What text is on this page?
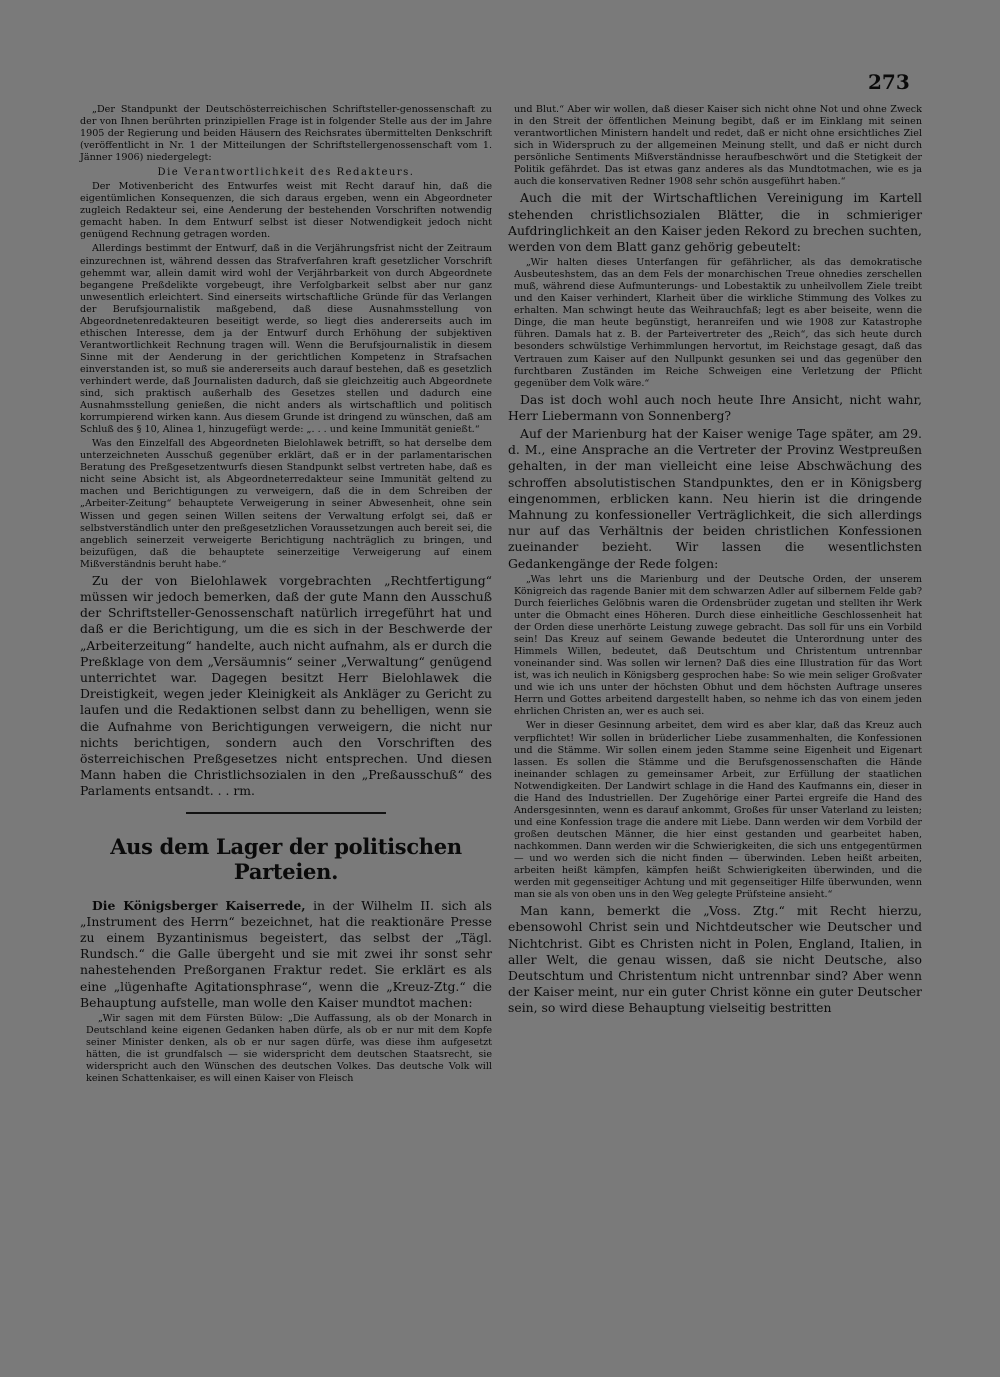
273

„Der Standpunkt der Deutschösterreichischen Schriftsteller-genossenschaft zu der von Ihnen berührten prinzipiellen Frage ist in folgender Stelle aus der im Jahre 1905 der Regierung und beiden Häusern des Reichsrates übermittelten Denkschrift (veröffentlicht in Nr. 1 der Mitteilungen der Schriftstellergenossenschaft vom 1. Jänner 1906) niedergelegt:

Die Verantwortlichkeit des Redakteurs.

Der Motivenbericht des Entwurfes weist mit Recht darauf hin, daß die eigentümlichen Konsequenzen, die sich daraus ergeben, wenn ein Abgeordneter zugleich Redakteur sei, eine Aenderung der bestehenden Vorschriften notwendig gemacht haben. In dem Entwurf selbst ist dieser Notwendigkeit jedoch nicht genügend Rechnung getragen worden.

Allerdings bestimmt der Entwurf, daß in die Verjährungsfrist nicht der Zeitraum einzurechnen ist, während dessen das Strafverfahren kraft gesetzlicher Vorschrift gehemmt war, allein damit wird wohl der Verjährbarkeit von durch Abgeordnete begangene Preßdelikte vorgebeugt, ihre Verfolgbarkeit selbst aber nur ganz unwesentlich erleichtert. Sind einerseits wirtschaftliche Gründe für das Verlangen der Berufsjournalistik maßgebend, daß diese Ausnahmsstellung von Abgeordnetenredakteuren beseitigt werde, so liegt dies andererseits auch im ethischen Interesse, dem ja der Entwurf durch Erhöhung der subjektiven Verantwortlichkeit Rechnung tragen will. Wenn die Berufsjournalistik in diesem Sinne mit der Aenderung in der gerichtlichen Kompetenz in Strafsachen einverstanden ist, so muß sie andererseits auch darauf bestehen, daß es gesetzlich verhindert werde, daß Journalisten dadurch, daß sie gleichzeitig auch Abgeordnete sind, sich praktisch außerhalb des Gesetzes stellen und dadurch eine Ausnahmsstellung genießen, die nicht anders als wirtschaftlich und politisch korrumpierend wirken kann. Aus diesem Grunde ist dringend zu wünschen, daß am Schluß des § 10, Alinea 1, hinzugefügt werde: „. . . und keine Immunität genießt.“

Was den Einzelfall des Abgeordneten Bielohlawek betrifft, so hat derselbe dem unterzeichneten Ausschuß gegenüber erklärt, daß er in der parlamentarischen Beratung des Preßgesetzentwurfs diesen Standpunkt selbst vertreten habe, daß es nicht seine Absicht ist, als Abgeordneterredakteur seine Immunität geltend zu machen und Berichtigungen zu verweigern, daß die in dem Schreiben der „Arbeiter-Zeitung“ behauptete Verweigerung in seiner Abwesenheit, ohne sein Wissen und gegen seinen Willen seitens der Verwaltung erfolgt sei, daß er selbstverständlich unter den preßgesetzlichen Voraussetzungen auch bereit sei, die angeblich seinerzeit verweigerte Berichtigung nachträglich zu bringen, und beizufügen, daß die behauptete seinerzeitige Verweigerung auf einem Mißverständnis beruht habe.“

Zu der von Bielohlawek vorgebrachten „Rechtfertigung“ müssen wir jedoch bemerken, daß der gute Mann den Ausschuß der Schriftsteller-Genossenschaft natürlich irregeführt hat und daß er die Berichtigung, um die es sich in der Beschwerde der „Arbeiterzeitung“ handelte, auch nicht aufnahm, als er durch die Preßklage von dem „Versäumnis“ seiner „Verwaltung“ genügend unterrichtet war. Dagegen besitzt Herr Bielohlawek die Dreistigkeit, wegen jeder Kleinigkeit als Ankläger zu Gericht zu laufen und die Redaktionen selbst dann zu behelligen, wenn sie die Aufnahme von Berichtigungen verweigern, die nicht nur nichts berichtigen, sondern auch den Vorschriften des österreichischen Preßgesetzes nicht entsprechen. Und diesen Mann haben die Christlichsozialen in den „Preßausschuß“ des Parlaments entsandt. . . rm.

Aus dem Lager der politischen Parteien.

Die Königsberger Kaiserrede, in der Wilhelm II. sich als „Instrument des Herrn“ bezeichnet, hat die reaktionäre Presse zu einem Byzantinismus begeistert, das selbst der „Tägl. Rundsch.“ die Galle übergeht und sie mit zwei ihr sonst sehr nahestehenden Preßorganen Fraktur redet. Sie erklärt es als eine „lügenhafte Agitationsphrase“, wenn die „Kreuz-Ztg.“ die Behauptung aufstelle, man wolle den Kaiser mundtot machen:

„Wir sagen mit dem Fürsten Bülow: „Die Auffassung, als ob der Monarch in Deutschland keine eigenen Gedanken haben dürfe, als ob er nur mit dem Kopfe seiner Minister denken, als ob er nur sagen dürfe, was diese ihm aufgesetzt hätten, die ist grundfalsch — sie widerspricht dem deutschen Staatsrecht, sie widerspricht auch den Wünschen des deutschen Volkes. Das deutsche Volk will keinen Schattenkaiser, es will einen Kaiser von Fleisch

und Blut.“ Aber wir wollen, daß dieser Kaiser sich nicht ohne Not und ohne Zweck in den Streit der öffentlichen Meinung begibt, daß er im Einklang mit seinen verantwortlichen Ministern handelt und redet, daß er nicht ohne ersichtliches Ziel sich in Widerspruch zu der allgemeinen Meinung stellt, und daß er nicht durch persönliche Sentiments Mißverständnisse heraufbeschwört und die Stetigkeit der Politik gefährdet. Das ist etwas ganz anderes als das Mundtotmachen, wie es ja auch die konservativen Redner 1908 sehr schön ausgeführt haben.“

Auch die mit der Wirtschaftlichen Vereinigung im Kartell stehenden christlichsozialen Blätter, die in schmieriger Aufdringlichkeit an den Kaiser jeden Rekord zu brechen suchten, werden von dem Blatt ganz gehörig gebeutelt:

„Wir halten dieses Unterfangen für gefährlicher, als das demokratische Ausbeuteshstem, das an dem Fels der monarchischen Treue ohnedies zerschellen muß, während diese Aufmunterungs- und Lobestaktik zu unheilvollem Ziele treibt und den Kaiser verhindert, Klarheit über die wirkliche Stimmung des Volkes zu erhalten. Man schwingt heute das Weihrauchfaß; legt es aber beiseite, wenn die Dinge, die man heute begünstigt, heranreifen und wie 1908 zur Katastrophe führen. Damals hat z. B. der Parteivertreter des „Reich“, das sich heute durch besonders schwülstige Verhimmlungen hervortut, im Reichstage gesagt, daß das Vertrauen zum Kaiser auf den Nullpunkt gesunken sei und das gegenüber den furchtbaren Zuständen im Reiche Schweigen eine Verletzung der Pflicht gegenüber dem Volk wäre.“

Das ist doch wohl auch noch heute Ihre Ansicht, nicht wahr, Herr Liebermann von Sonnenberg?

Auf der Marienburg hat der Kaiser wenige Tage später, am 29. d. M., eine Ansprache an die Vertreter der Provinz Westpreußen gehalten, in der man vielleicht eine leise Abschwächung des schroffen absolutistischen Standpunktes, den er in Königsberg eingenommen, erblicken kann. Neu hierin ist die dringende Mahnung zu konfessioneller Verträglichkeit, die sich allerdings nur auf das Verhältnis der beiden christlichen Konfessionen zueinander bezieht. Wir lassen die wesentlichsten Gedankengänge der Rede folgen:

„Was lehrt uns die Marienburg und der Deutsche Orden, der unserem Königreich das ragende Banier mit dem schwarzen Adler auf silbernem Felde gab? Durch feierliches Gelöbnis waren die Ordensbrüder zugetan und stellten ihr Werk unter die Obmacht eines Höheren. Durch diese einheitliche Geschlossenheit hat der Orden diese unerhörte Leistung zuwege gebracht. Das soll für uns ein Vorbild sein! Das Kreuz auf seinem Gewande bedeutet die Unterordnung unter des Himmels Willen, bedeutet, daß Deutschtum und Christentum untrennbar voneinander sind. Was sollen wir lernen? Daß dies eine Illustration für das Wort ist, was ich neulich in Königsberg gesprochen habe: So wie mein seliger Großvater und wie ich uns unter der höchsten Obhut und dem höchsten Auftrage unseres Herrn und Gottes arbeitend dargestellt haben, so nehme ich das von einem jeden ehrlichen Christen an, wer es auch sei.

Wer in dieser Gesinnung arbeitet, dem wird es aber klar, daß das Kreuz auch verpflichtet! Wir sollen in brüderlicher Liebe zusammenhalten, die Konfessionen und die Stämme. Wir sollen einem jeden Stamme seine Eigenheit und Eigenart lassen. Es sollen die Stämme und die Berufsgenossenschaften die Hände ineinander schlagen zu gemeinsamer Arbeit, zur Erfüllung der staatlichen Notwendigkeiten. Der Landwirt schlage in die Hand des Kaufmanns ein, dieser in die Hand des Industriellen. Der Zugehörige einer Partei ergreife die Hand des Andersgesinnten, wenn es darauf ankommt, Großes für unser Vaterland zu leisten; und eine Konfession trage die andere mit Liebe. Dann werden wir dem Vorbild der großen deutschen Männer, die hier einst gestanden und gearbeitet haben, nachkommen. Dann werden wir die Schwierigkeiten, die sich uns entgegentürmen — und wo werden sich die nicht finden — überwinden. Leben heißt arbeiten, arbeiten heißt kämpfen, kämpfen heißt Schwierigkeiten überwinden, und die werden mit gegenseitiger Achtung und mit gegenseitiger Hilfe überwunden, wenn man sie als von oben uns in den Weg gelegte Prüfsteine ansieht.“

Man kann, bemerkt die „Voss. Ztg.“ mit Recht hierzu, ebensowohl Christ sein und Nichtdeutscher wie Deutscher und Nichtchrist. Gibt es Christen nicht in Polen, England, Italien, in aller Welt, die genau wissen, daß sie nicht Deutsche, also Deutschtum und Christentum nicht untrennbar sind? Aber wenn der Kaiser meint, nur ein guter Christ könne ein guter Deutscher sein, so wird diese Behauptung vielseitig bestritten
